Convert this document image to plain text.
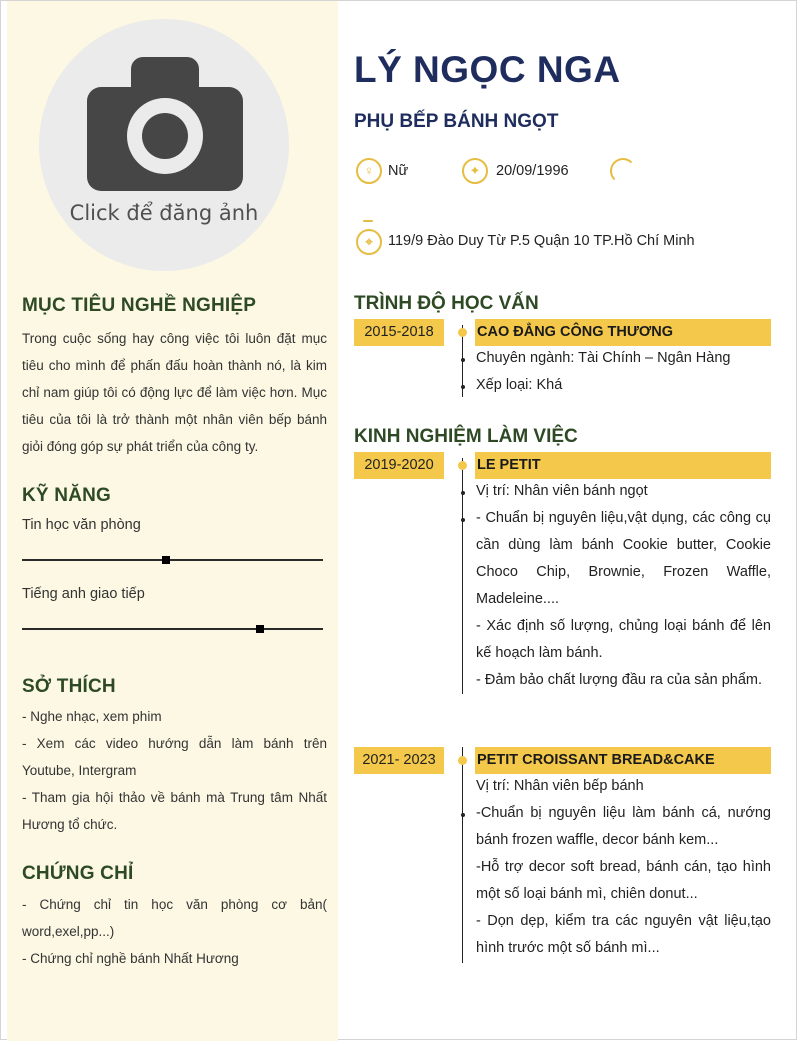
Click để đăng ảnh
MỤC TIÊU NGHỀ NGHIỆP
Trong cuộc sống hay công việc tôi luôn đặt mục tiêu cho mình để phấn đấu hoàn thành nó, là kim chỉ nam giúp tôi có động lực để làm việc hơn. Mục tiêu của tôi là trở thành một nhân viên bếp bánh giỏi đóng góp sự phát triển của công ty.
KỸ NĂNG
Tin học văn phòng
Tiếng anh giao tiếp
SỞ THÍCH
- Nghe nhạc, xem phim
- Xem các video hướng dẫn làm bánh trên Youtube, Intergram
- Tham gia hội thảo về bánh mà Trung tâm Nhất Hương tổ chức.
CHỨNG CHỈ
- Chứng chỉ tin học văn phòng cơ bản( word,exel,pp...)
- Chứng chỉ nghề bánh Nhất Hương
LÝ NGỌC NGA
PHỤ BẾP BÁNH NGỌT
♀ Nữ	✦	20/09/1996
⌖	119/9 Đào Duy Từ P.5 Quận 10 TP.Hồ Chí Minh
TRÌNH ĐỘ HỌC VẤN
2015-2018	CAO ĐẲNG CÔNG THƯƠNG
Chuyên ngành: Tài Chính – Ngân Hàng
Xếp loại: Khá
KINH NGHIỆM LÀM VIỆC
2019-2020	LE PETIT
Vị trí: Nhân viên bánh ngọt
- Chuẩn bị nguyên liệu,vật dụng, các công cụ cần dùng làm bánh Cookie butter, Cookie Choco Chip, Brownie, Frozen Waffle, Madeleine....
- Xác định số lượng, chủng loại bánh để lên kế hoạch làm bánh.
- Đảm bảo chất lượng đầu ra của sản phẩm.
2021- 2023	PETIT CROISSANT BREAD&CAKE
Vị trí: Nhân viên bếp bánh
-Chuẩn bị nguyên liệu làm bánh cá, nướng bánh frozen waffle, decor bánh kem...
-Hỗ trợ decor soft bread, bánh cán, tạo hình một số loại bánh mì, chiên donut...
- Dọn dẹp, kiểm tra các nguyên vật liệu,tạo hình trước một số bánh mì...
